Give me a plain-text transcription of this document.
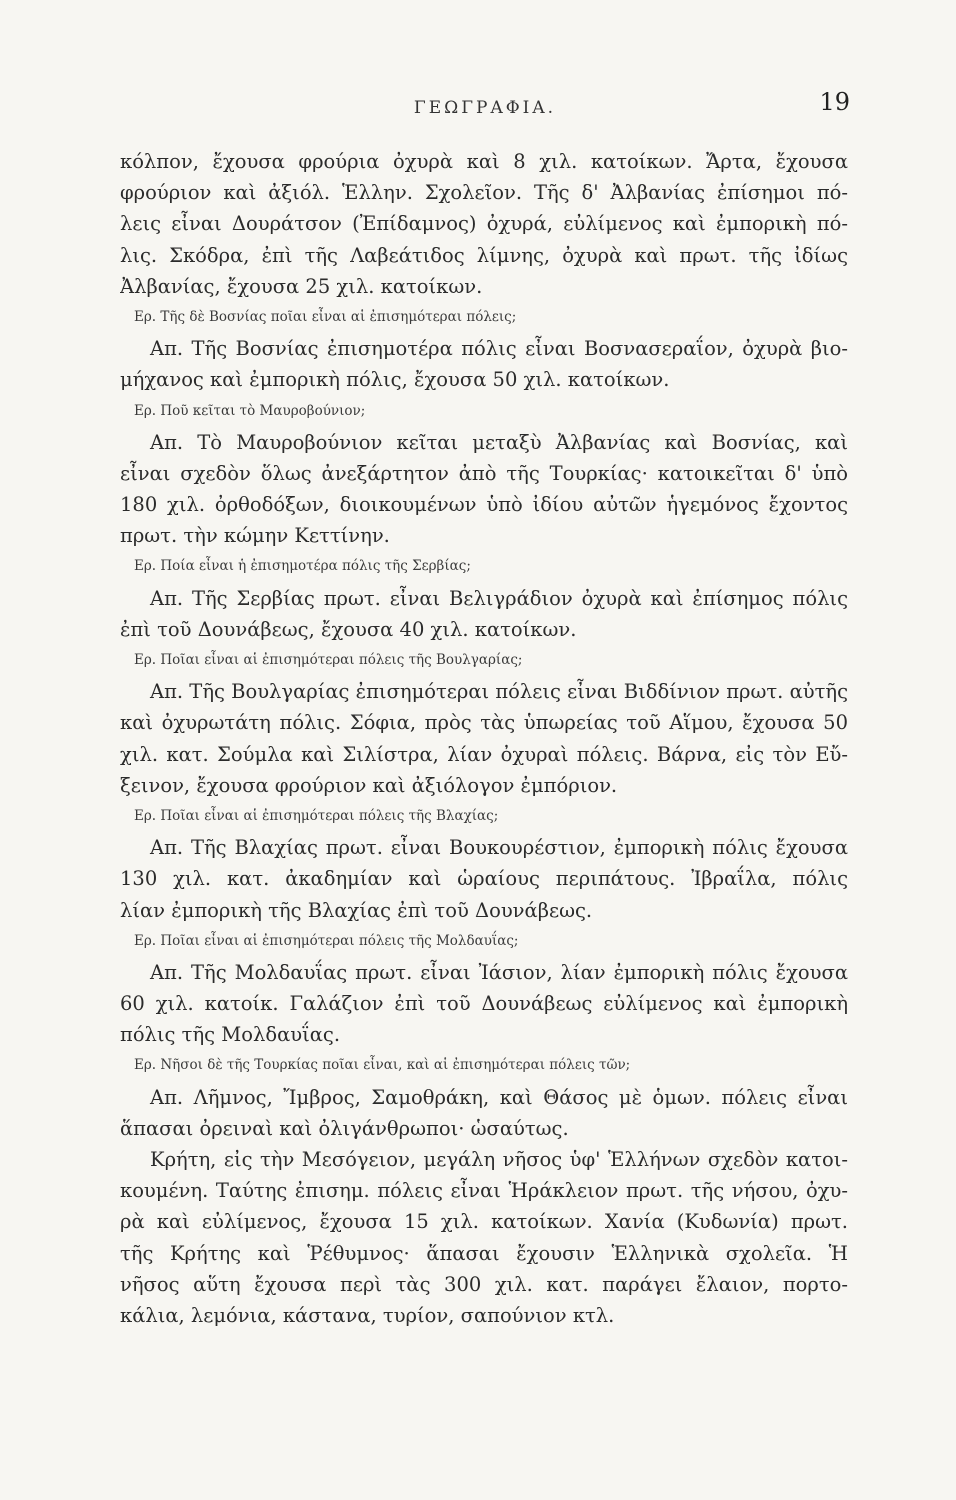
ΓΕΩΓΡΑΦΙΑ.	19
κόλπον, ἔχουσα φρούρια ὀχυρὰ καὶ 8 χιλ. κατοίκων. Ἄρτα, ἔχουσα
φρούριον καὶ ἀξιόλ. Ἑλλην. Σχολεῖον. Τῆς δ' Ἀλβανίας ἐπίσημοι πό-
λεις εἶναι Δουράτσον (Ἐπίδαμνος) ὀχυρά, εὐλίμενος καὶ ἐμπορικὴ πό-
λις. Σκόδρα, ἐπὶ τῆς Λαβεάτιδος λίμνης, ὀχυρὰ καὶ πρωτ. τῆς ἰδίως
Ἀλβανίας, ἔχουσα 25 χιλ. κατοίκων.
Ερ. Τῆς δὲ Βοσνίας ποῖαι εἶναι αἱ ἐπισημότεραι πόλεις;
Απ. Τῆς Βοσνίας ἐπισημοτέρα πόλις εἶναι Βοσνασεραΐον, ὀχυρὰ βιο-
μήχανος καὶ ἐμπορικὴ πόλις, ἔχουσα 50 χιλ. κατοίκων.
Ερ. Ποῦ κεῖται τὸ Μαυροβούνιον;
Απ. Τὸ Μαυροβούνιον κεῖται μεταξὺ Ἀλβανίας καὶ Βοσνίας, καὶ
εἶναι σχεδὸν ὅλως ἀνεξάρτητον ἀπὸ τῆς Τουρκίας· κατοικεῖται δ' ὑπὸ
180 χιλ. ὀρθοδόξων, διοικουμένων ὑπὸ ἰδίου αὐτῶν ἡγεμόνος ἔχοντος
πρωτ. τὴν κώμην Κεττίνην.
Ερ. Ποία εἶναι ἡ ἐπισημοτέρα πόλις τῆς Σερβίας;
Απ. Τῆς Σερβίας πρωτ. εἶναι Βελιγράδιον ὀχυρὰ καὶ ἐπίσημος πόλις
ἐπὶ τοῦ Δουνάβεως, ἔχουσα 40 χιλ. κατοίκων.
Ερ. Ποῖαι εἶναι αἱ ἐπισημότεραι πόλεις τῆς Βουλγαρίας;
Απ. Τῆς Βουλγαρίας ἐπισημότεραι πόλεις εἶναι Βιδδίνιον πρωτ. αὐτῆς
καὶ ὀχυρωτάτη πόλις. Σόφια, πρὸς τὰς ὑπωρείας τοῦ Αἵμου, ἔχουσα 50
χιλ. κατ. Σούμλα καὶ Σιλίστρα, λίαν ὀχυραὶ πόλεις. Βάρνα, εἰς τὸν Εὔ-
ξεινον, ἔχουσα φρούριον καὶ ἀξιόλογον ἐμπόριον.
Ερ. Ποῖαι εἶναι αἱ ἐπισημότεραι πόλεις τῆς Βλαχίας;
Απ. Τῆς Βλαχίας πρωτ. εἶναι Βουκουρέστιον, ἐμπορικὴ πόλις ἔχουσα
130 χιλ. κατ. ἀκαδημίαν καὶ ὡραίους περιπάτους. Ἰβραΐλα, πόλις
λίαν ἐμπορικὴ τῆς Βλαχίας ἐπὶ τοῦ Δουνάβεως.
Ερ. Ποῖαι εἶναι αἱ ἐπισημότεραι πόλεις τῆς Μολδαυΐας;
Απ. Τῆς Μολδαυΐας πρωτ. εἶναι Ἰάσιον, λίαν ἐμπορικὴ πόλις ἔχουσα
60 χιλ. κατοίκ. Γαλάζιον ἐπὶ τοῦ Δουνάβεως εὐλίμενος καὶ ἐμπορικὴ
πόλις τῆς Μολδαυΐας.
Ερ. Νῆσοι δὲ τῆς Τουρκίας ποῖαι εἶναι, καὶ αἱ ἐπισημότεραι πόλεις τῶν;
Απ. Λῆμνος, Ἴμβρος, Σαμοθράκη, καὶ Θάσος μὲ ὁμων. πόλεις εἶναι
ἅπασαι ὀρειναὶ καὶ ὀλιγάνθρωποι· ὡσαύτως.
Κρήτη, εἰς τὴν Μεσόγειον, μεγάλη νῆσος ὑφ' Ἑλλήνων σχεδὸν κατοι-
κουμένη. Ταύτης ἐπισημ. πόλεις εἶναι Ἡράκλειον πρωτ. τῆς νήσου, ὀχυ-
ρὰ καὶ εὐλίμενος, ἔχουσα 15 χιλ. κατοίκων. Χανία (Κυδωνία) πρωτ.
τῆς Κρήτης καὶ Ῥέθυμνος· ἅπασαι ἔχουσιν Ἑλληνικὰ σχολεῖα. Ἡ
νῆσος αὕτη ἔχουσα περὶ τὰς 300 χιλ. κατ. παράγει ἔλαιον, πορτο-
κάλια, λεμόνια, κάστανα, τυρίον, σαπούνιον κτλ.
